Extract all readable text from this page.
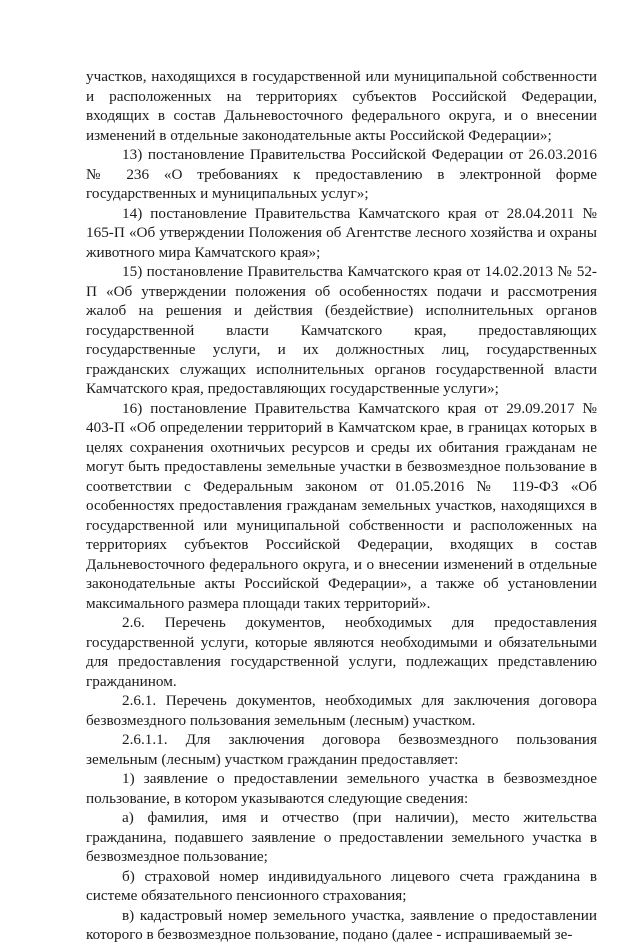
участков, находящихся в государственной или муниципальной собственности и расположенных на территориях субъектов Российской Федерации, входящих в состав Дальневосточного федерального округа, и о внесении изменений в отдельные законодательные акты Российской Федерации»;

13) постановление Правительства Российской Федерации от 26.03.2016 № 236 «О требованиях к предоставлению в электронной форме государственных и муниципальных услуг»;

14) постановление Правительства Камчатского края от 28.04.2011 № 165-П «Об утверждении Положения об Агентстве лесного хозяйства и охраны животного мира Камчатского края»;

15) постановление Правительства Камчатского края от 14.02.2013 № 52-П «Об утверждении положения об особенностях подачи и рассмотрения жалоб на решения и действия (бездействие) исполнительных органов государственной власти Камчатского края, предоставляющих государственные услуги, и их должностных лиц, государственных гражданских служащих исполнительных органов государственной власти Камчатского края, предоставляющих государственные услуги»;

16) постановление Правительства Камчатского края от 29.09.2017 № 403-П «Об определении территорий в Камчатском крае, в границах которых в целях сохранения охотничьих ресурсов и среды их обитания гражданам не могут быть предоставлены земельные участки в безвозмездное пользование в соответствии с Федеральным законом от 01.05.2016 № 119-ФЗ «Об особенностях предоставления гражданам земельных участков, находящихся в государственной или муниципальной собственности и расположенных на территориях субъектов Российской Федерации, входящих в состав Дальневосточного федерального округа, и о внесении изменений в отдельные законодательные акты Российской Федерации», а также об установлении максимального размера площади таких территорий».

2.6. Перечень документов, необходимых для предоставления государственной услуги, которые являются необходимыми и обязательными для предоставления государственной услуги, подлежащих представлению гражданином.

2.6.1. Перечень документов, необходимых для заключения договора безвозмездного пользования земельным (лесным) участком.

2.6.1.1. Для заключения договора безвозмездного пользования земельным (лесным) участком гражданин предоставляет:

1) заявление о предоставлении земельного участка в безвозмездное пользование, в котором указываются следующие сведения:

а) фамилия, имя и отчество (при наличии), место жительства гражданина, подавшего заявление о предоставлении земельного участка в безвозмездное пользование;

б) страховой номер индивидуального лицевого счета гражданина в системе обязательного пенсионного страхования;

в) кадастровый номер земельного участка, заявление о предоставлении которого в безвозмездное пользование, подано (далее - испрашиваемый зе-
